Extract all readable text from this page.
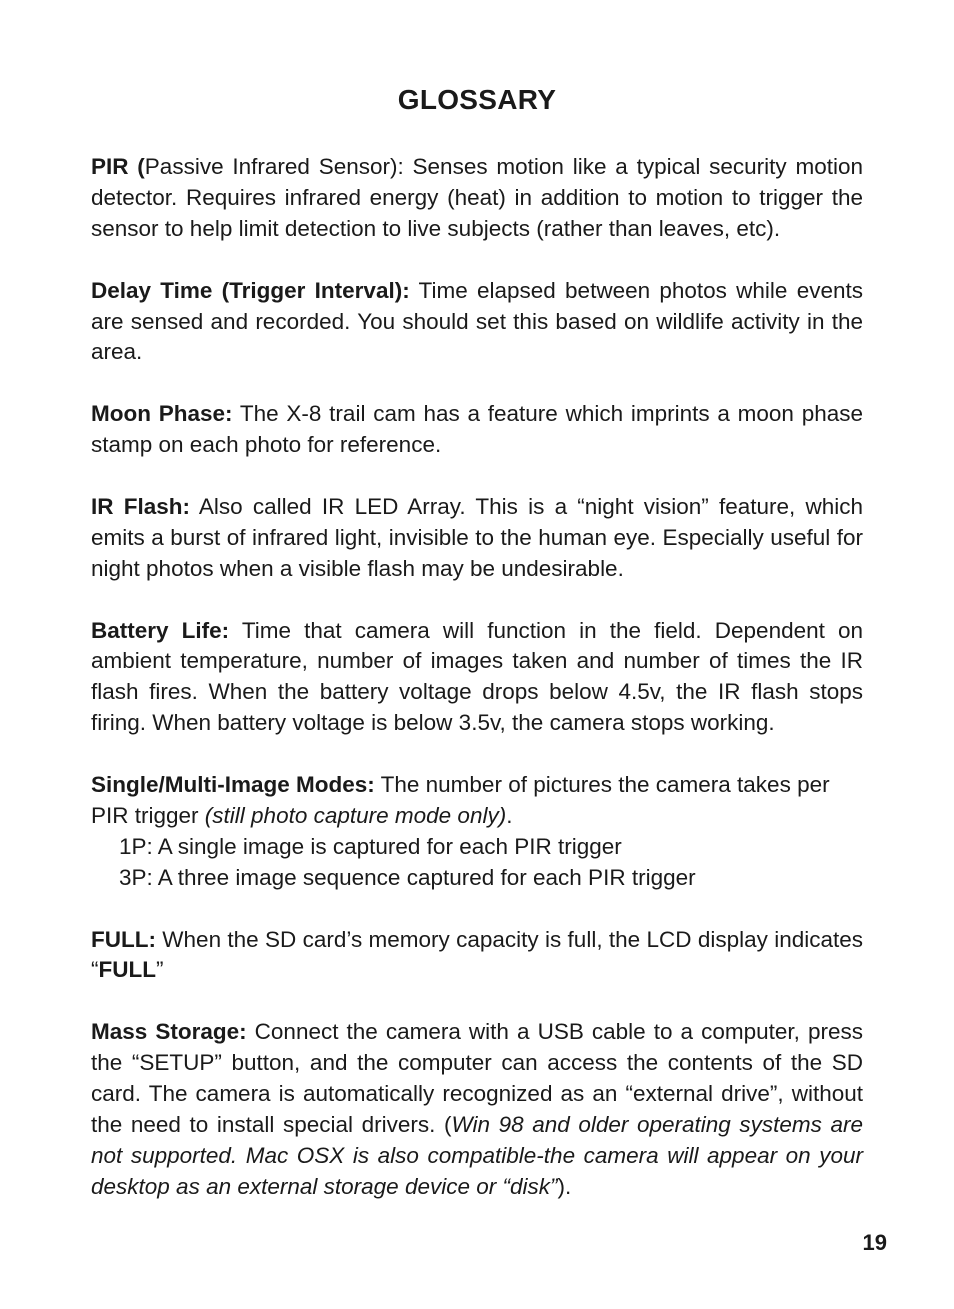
GLOSSARY

PIR (Passive Infrared Sensor): Senses motion like a typical security motion detector. Requires infrared energy (heat) in addition to motion to trigger the sensor to help limit detection to live subjects (rather than leaves, etc).

Delay Time (Trigger Interval): Time elapsed between photos while events are sensed and recorded. You should set this based on wildlife activity in the area.

Moon Phase: The X-8 trail cam has a feature which imprints a moon phase stamp on each photo for reference.

IR Flash: Also called IR LED Array. This is a “night vision” feature, which emits a burst of infrared light, invisible to the human eye. Especially useful for night photos when a visible flash may be undesirable.

Battery Life: Time that camera will function in the field. Dependent on ambient temperature, number of images taken and number of times the IR flash fires. When the battery voltage drops below 4.5v, the IR flash stops firing. When battery voltage is below 3.5v, the camera stops working.

Single/Multi-Image Modes: The number of pictures the camera takes per PIR trigger (still photo capture mode only).
1P: A single image is captured for each PIR trigger
3P: A three image sequence captured for each PIR trigger

FULL: When the SD card’s memory capacity is full, the LCD display indicates “FULL”

Mass Storage: Connect the camera with a USB cable to a computer, press the “SETUP” button, and the computer can access the contents of the SD card. The camera is automatically recognized as an “external drive”, without the need to install special drivers. (Win 98 and older operating systems are not supported. Mac OSX is also compatible-the camera will appear on your desktop as an external storage device or “disk”).

19
